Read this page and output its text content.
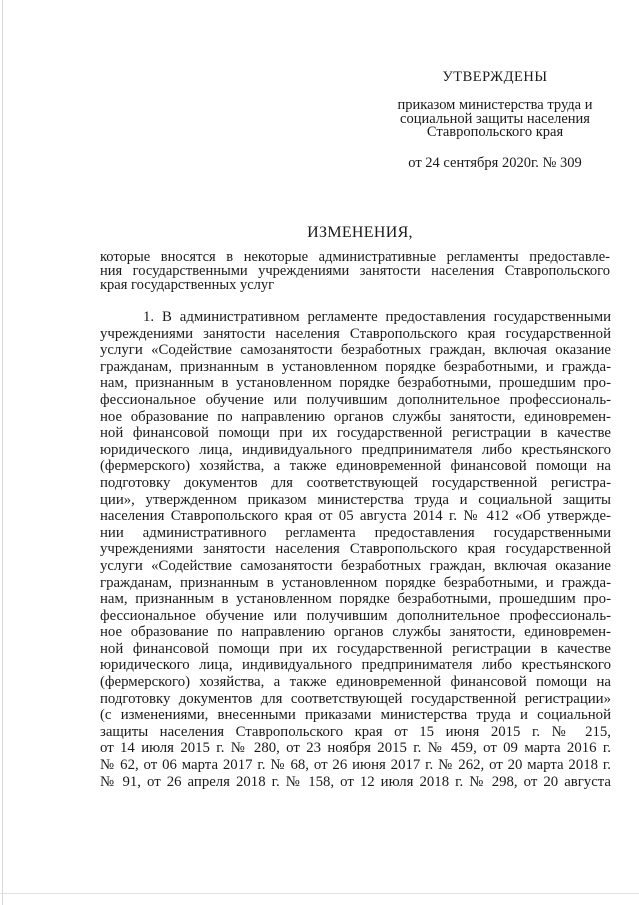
УТВЕРЖДЕНЫ
приказом министерства труда и
социальной защиты населения
Ставропольского края
от 24 сентября 2020г. № 309
ИЗМЕНЕНИЯ,
которые вносятся в некоторые административные регламенты предоставле-
ния государственными учреждениями занятости населения Ставропольского
края государственных услуг
1. В административном регламенте предоставления государственными
учреждениями занятости населения Ставропольского края государственной
услуги «Содействие самозанятости безработных граждан, включая оказание
гражданам, признанным в установленном порядке безработными, и гражда-
нам, признанным в установленном порядке безработными, прошедшим про-
фессиональное обучение или получившим дополнительное профессиональ-
ное образование по направлению органов службы занятости, единовремен-
ной финансовой помощи при их государственной регистрации в качестве
юридического лица, индивидуального предпринимателя либо крестьянского
(фермерского) хозяйства, а также единовременной финансовой помощи на
подготовку документов для соответствующей государственной регистра-
ции», утвержденном приказом министерства труда и социальной защиты
населения Ставропольского края от 05 августа 2014 г. № 412 «Об утвержде-
нии административного регламента предоставления государственными
учреждениями занятости населения Ставропольского края государственной
услуги «Содействие самозанятости безработных граждан, включая оказание
гражданам, признанным в установленном порядке безработными, и гражда-
нам, признанным в установленном порядке безработными, прошедшим про-
фессиональное обучение или получившим дополнительное профессиональ-
ное образование по направлению органов службы занятости, единовремен-
ной финансовой помощи при их государственной регистрации в качестве
юридического лица, индивидуального предпринимателя либо крестьянского
(фермерского) хозяйства, а также единовременной финансовой помощи на
подготовку документов для соответствующей государственной регистрации»
(с изменениями, внесенными приказами министерства труда и социальной
защиты населения Ставропольского края от 15 июня 2015 г. № 215,
от 14 июля 2015 г. № 280, от 23 ноября 2015 г. № 459, от 09 марта 2016 г.
№ 62, от 06 марта 2017 г. № 68, от 26 июня 2017 г. № 262, от 20 марта 2018 г.
№ 91, от 26 апреля 2018 г. № 158, от 12 июля 2018 г. № 298, от 20 августа
